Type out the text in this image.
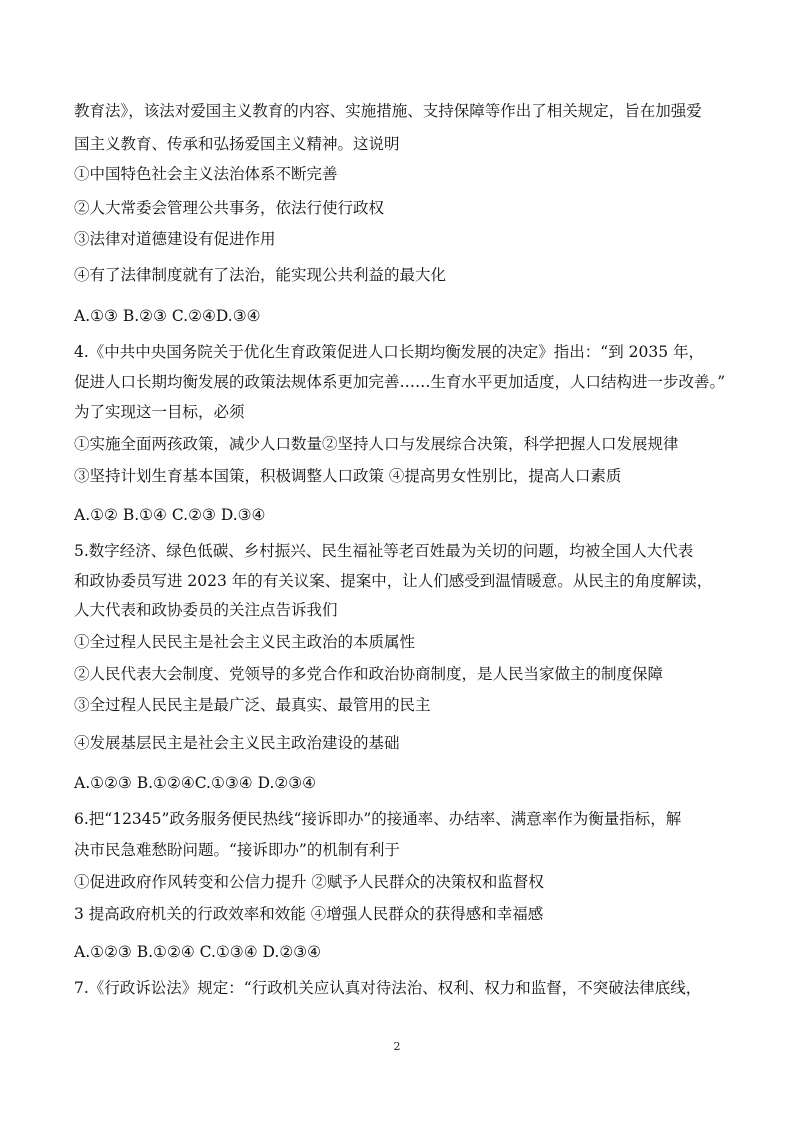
教育法》，该法对爱国主义教育的内容、实施措施、支持保障等作出了相关规定，旨在加强爱
国主义教育、传承和弘扬爱国主义精神。这说明
①中国特色社会主义法治体系不断完善
②人大常委会管理公共事务，依法行使行政权
③法律对道德建设有促进作用
④有了法律制度就有了法治，能实现公共利益的最大化
A.①③ B.②③ C.②④D.③④
4.《中共中央国务院关于优化生育政策促进人口长期均衡发展的决定》指出：“到 2035 年，
促进人口长期均衡发展的政策法规体系更加完善……生育水平更加适度，人口结构进一步改善。”
为了实现这一目标，必须
①实施全面两孩政策，减少人口数量②坚持人口与发展综合决策，科学把握人口发展规律
③坚持计划生育基本国策，积极调整人口政策 ④提高男女性别比，提高人口素质
A.①② B.①④ C.②③ D.③④
5.数字经济、绿色低碳、乡村振兴、民生福祉等老百姓最为关切的问题，均被全国人大代表
和政协委员写进 2023 年的有关议案、提案中，让人们感受到温情暖意。从民主的角度解读，
人大代表和政协委员的关注点告诉我们
①全过程人民民主是社会主义民主政治的本质属性
②人民代表大会制度、党领导的多党合作和政治协商制度，是人民当家做主的制度保障
③全过程人民民主是最广泛、最真实、最管用的民主
④发展基层民主是社会主义民主政治建设的基础
A.①②③ B.①②④C.①③④ D.②③④
6.把“12345”政务服务便民热线“接诉即办”的接通率、办结率、满意率作为衡量指标，解
决市民急难愁盼问题。“接诉即办”的机制有利于
①促进政府作风转变和公信力提升 ②赋予人民群众的决策权和监督权
3 提高政府机关的行政效率和效能 ④增强人民群众的获得感和幸福感
A.①②③ B.①②④ C.①③④ D.②③④
7.《行政诉讼法》规定：“行政机关应认真对待法治、权利、权力和监督，不突破法律底线，
2
